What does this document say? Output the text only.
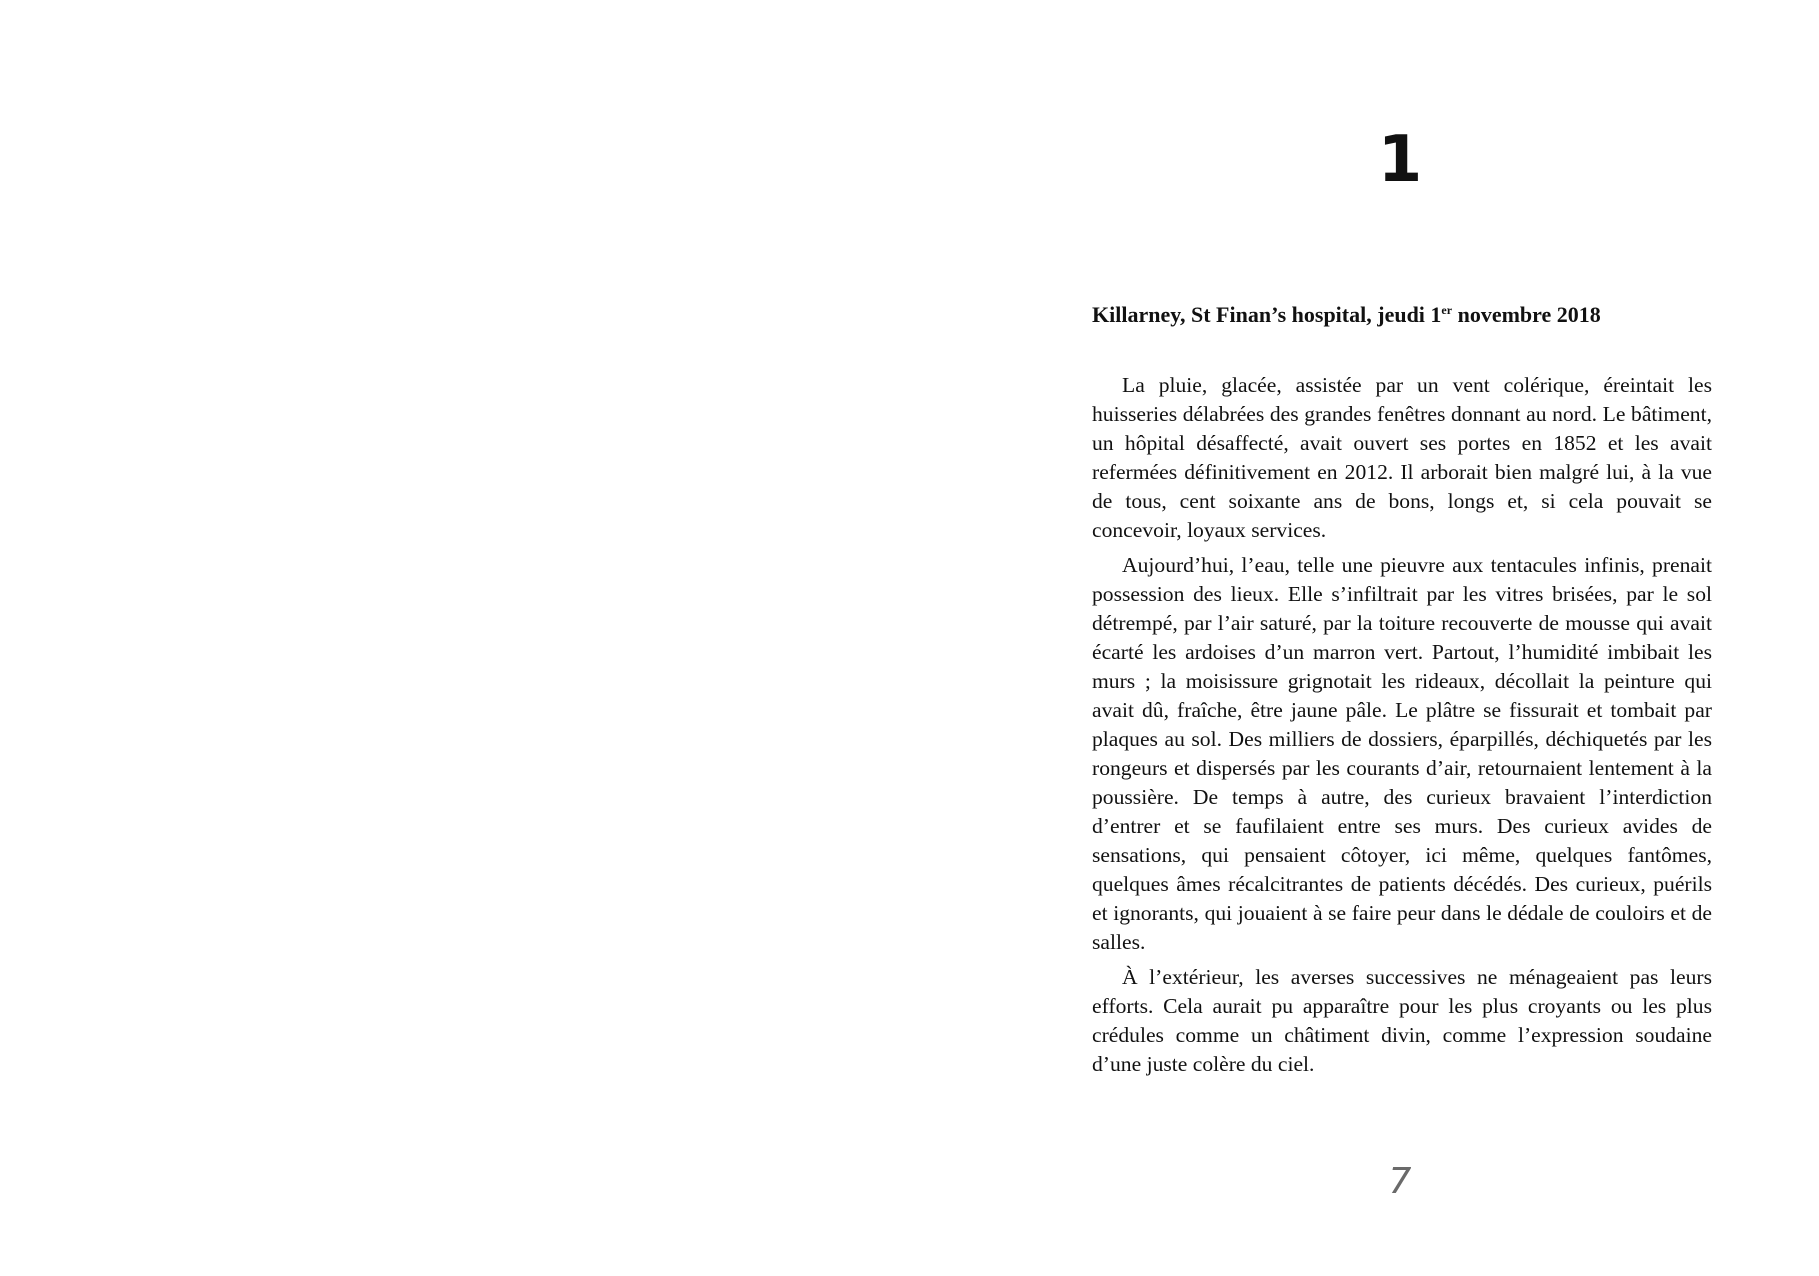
1
Killarney, St Finan’s hospital, jeudi 1er novembre 2018

La pluie, glacée, assistée par un vent colérique, éreintait les huisseries délabrées des grandes fenêtres donnant au nord. Le bâtiment, un hôpital désaffecté, avait ouvert ses portes en 1852 et les avait refermées définitivement en 2012. Il arborait bien malgré lui, à la vue de tous, cent soixante ans de bons, longs et, si cela pouvait se concevoir, loyaux services.

Aujourd’hui, l’eau, telle une pieuvre aux tentacules infinis, prenait possession des lieux. Elle s’infiltrait par les vitres brisées, par le sol détrempé, par l’air saturé, par la toiture recouverte de mousse qui avait écarté les ardoises d’un marron vert. Partout, l’humidité imbibait les murs ; la moisissure grignotait les rideaux, décollait la peinture qui avait dû, fraîche, être jaune pâle. Le plâtre se fissurait et tombait par plaques au sol. Des milliers de dossiers, éparpillés, déchiquetés par les rongeurs et dispersés par les courants d’air, retournaient lentement à la poussière. De temps à autre, des curieux bravaient l’interdiction d’entrer et se faufilaient entre ses murs. Des curieux avides de sensations, qui pensaient côtoyer, ici même, quelques fantômes, quelques âmes récalcitrantes de patients décédés. Des curieux, puérils et ignorants, qui jouaient à se faire peur dans le dédale de couloirs et de salles.

À l’extérieur, les averses successives ne ménageaient pas leurs efforts. Cela aurait pu apparaître pour les plus croyants ou les plus crédules comme un châtiment divin, comme l’expression soudaine d’une juste colère du ciel.

7
